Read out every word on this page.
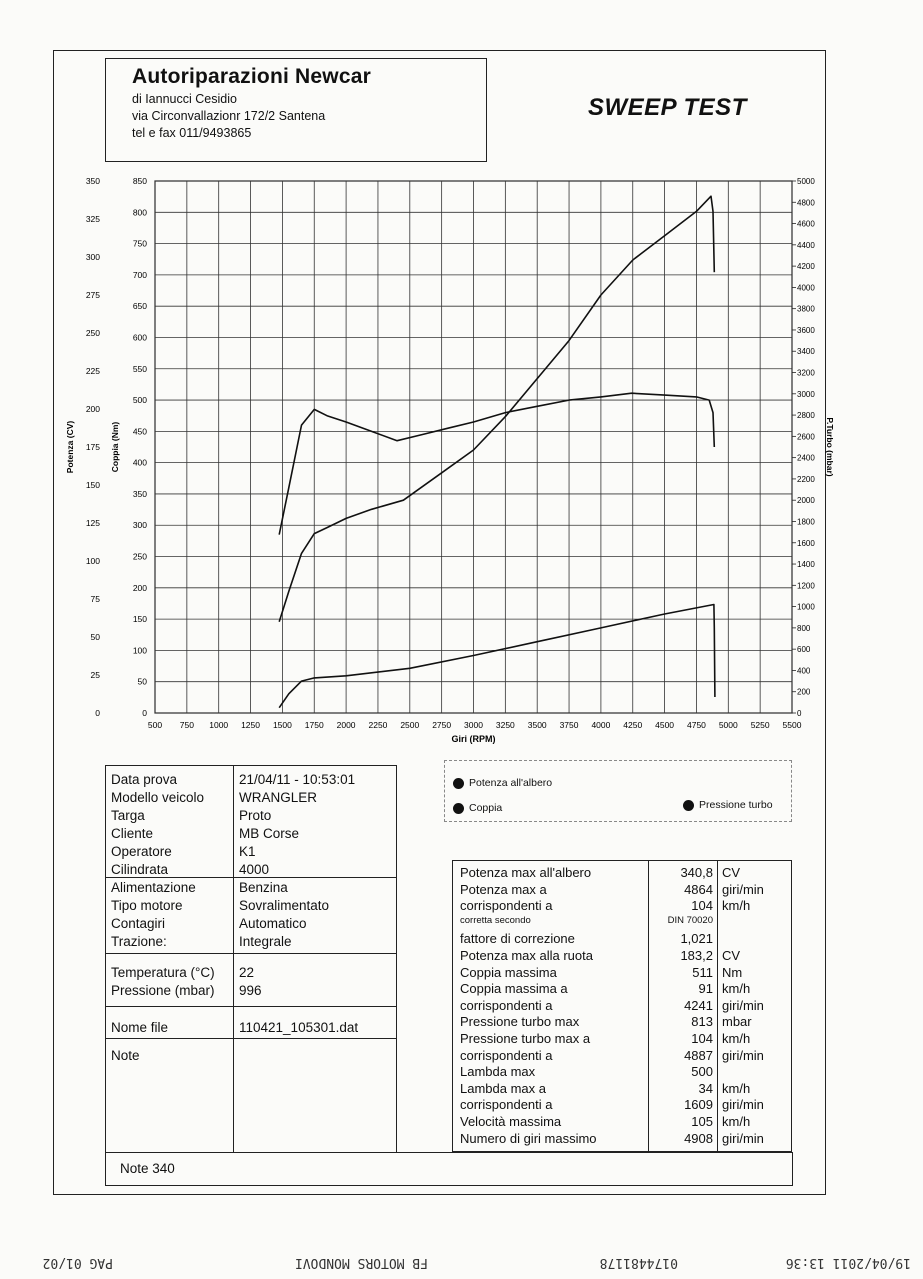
Autoriparazioni Newcar
di Iannucci Cesidio
via Circonvallazionr 172/2 Santena
tel e fax 011/9493865
SWEEP TEST
500 750 1000 1250 1500 1750 2000 2250 2500 2750 3000 3250 3500 3750 4000 4250 4500 4750 5000 5250 5500
0
50
100
150
200
250
300
350
400
450
500
550
600
650
700
750
800
850
0
25
50
75
100
125
150
175
200
225
250
275
300
325
350
0
200
400
600
800
1000
1200
1400
1600
1800
2000
2200
2400
2600
2800
3000
3200
3400
3600
3800
4000
4200
4400
4600
4800
5000
Giri (RPM)
Potenza (CV)	Coppia (Nm)	P.Turbo (mbar)
Potenza all'albero
Coppia	Pressione turbo
Data prova	21/04/11 - 10:53:01
Modello veicolo	WRANGLER
Targa	Proto
Cliente	MB Corse
Operatore	K1
Cilindrata	4000
Alimentazione	Benzina
Tipo motore	Sovralimentato
Contagiri	Automatico
Trazione:	Integrale
Temperatura (°C) 22
Pressione (mbar) 996
Nome file	110421_105301.dat
Note
Potenza max all'albero	340,8 CV
Potenza max a	4864 giri/min
corrispondenti a	104 km/h
corretta secondo	DIN 70020
fattore di correzione	1,021
Potenza max alla ruota	183,2 CV
Coppia massima	511 Nm
Coppia massima a	91 km/h
corrispondenti a	4241 giri/min
Pressione turbo max	813 mbar
Pressione turbo max a	104 km/h
corrispondenti a	4887 giri/min
Lambda max	500
Lambda max a	34 km/h
corrispondenti a	1609 giri/min
Velocità massima	105 km/h
Numero di giri massimo	4908 giri/min
Note 340
19/04/2011 13:36
0174481178
FB MOTORS MONDOVI
PAG 01/02
